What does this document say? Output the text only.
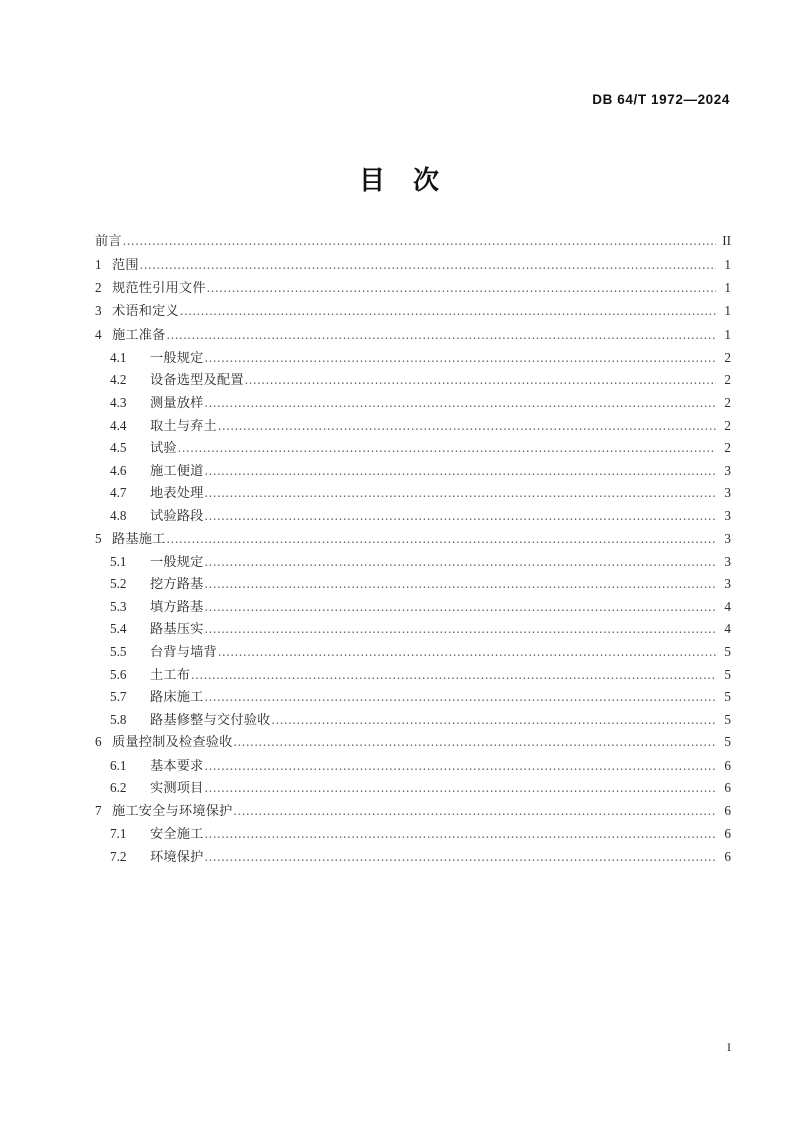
DB 64/T 1972—2024
目 次
前言 .....	II
1 范围 .....	1
2 规范性引用文件 .....	1
3 术语和定义 .....	1
4 施工准备 .....	1
4.1	一般规定 .....	2
4.2	设备选型及配置 .....	2
4.3	测量放样 .....	2
4.4	取土与弃土 .....	2
4.5	试验 .....	2
4.6	施工便道 .....	3
4.7	地表处理 .....	3
4.8	试验路段 .....	3
5 路基施工 .....	3
5.1	一般规定 .....	3
5.2	挖方路基 .....	3
5.3	填方路基 .....	4
5.4	路基压实 .....	4
5.5	台背与墙背 .....	5
5.6	土工布 .....	5
5.7	路床施工 .....	5
5.8	路基修整与交付验收 .....	5
6 质量控制及检查验收 .....	5
6.1	基本要求 .....	6
6.2	实测项目 .....	6
7 施工安全与环境保护 .....	6
7.1	安全施工 .....	6
7.2	环境保护 .....	6
I
